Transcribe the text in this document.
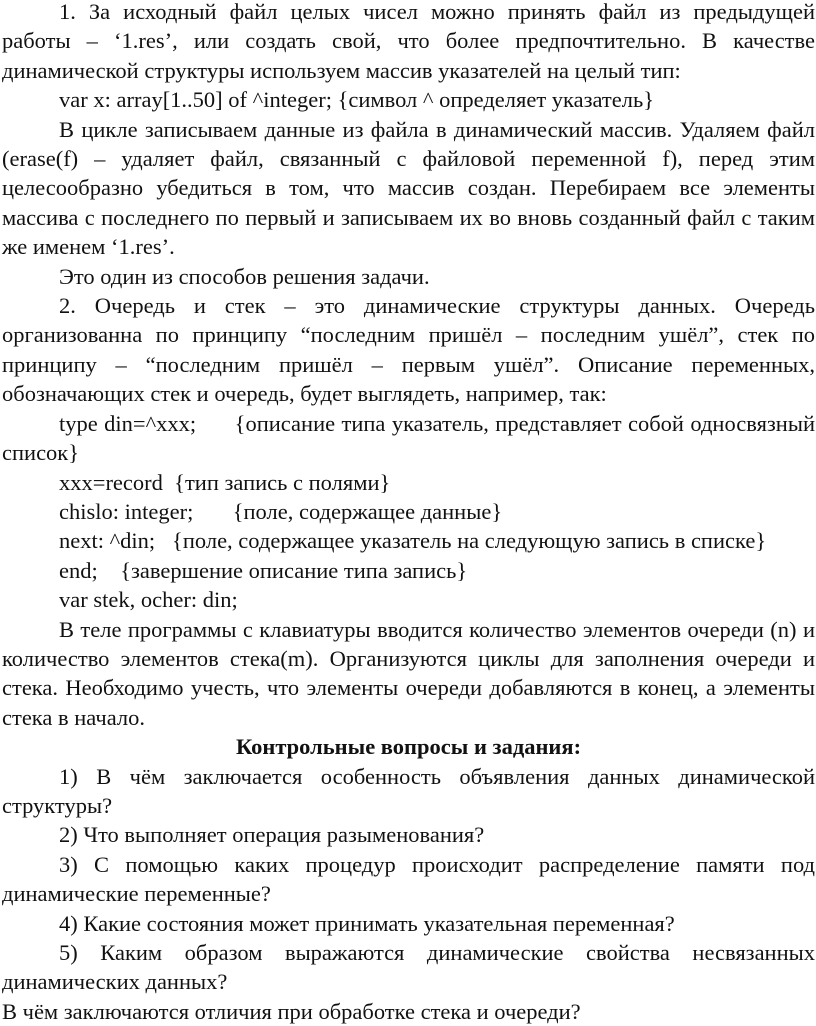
1. За исходный файл целых чисел можно принять файл из предыдущей работы – ‘1.res’, или создать свой, что более предпочтительно. В качестве динамической структуры используем массив указателей на целый тип:

var x: array[1..50] of ^integer; {символ ^ определяет указатель}

В цикле записываем данные из файла в динамический массив. Удаляем файл (erase(f) – удаляет файл, связанный с файловой переменной f), перед этим целесообразно убедиться в том, что массив создан. Перебираем все элементы массива с последнего по первый и записываем их во вновь созданный файл с таким же именем ‘1.res’.

Это один из способов решения задачи.

2. Очередь и стек – это динамические структуры данных. Очередь организованна по принципу “последним пришёл – последним ушёл”, стек по принципу – “последним пришёл – первым ушёл”. Описание переменных, обозначающих стек и очередь, будет выглядеть, например, так:

type din=^xxx;      {описание типа указатель, представляет собой односвязный список}

xxx=record  {тип запись с полями}

chislo: integer;       {поле, содержащее данные}

next: ^din;   {поле, содержащее указатель на следующую запись в списке}

end;    {завершение описание типа запись}

var stek, ocher: din;

В теле программы с клавиатуры вводится количество элементов очереди (n) и количество элементов стека(m). Организуются циклы для заполнения очереди и стека. Необходимо учесть, что элементы очереди добавляются в конец, а элементы стека в начало.

Контрольные вопросы и задания:

1) В чём заключается особенность объявления данных динамической структуры?

2) Что выполняет операция разыменования?

3) С помощью каких процедур происходит распределение памяти под динамические переменные?

4) Какие состояния может принимать указательная переменная?

5) Каким образом выражаются динамические свойства несвязанных динамических данных?

В чём заключаются отличия при обработке стека и очереди?
